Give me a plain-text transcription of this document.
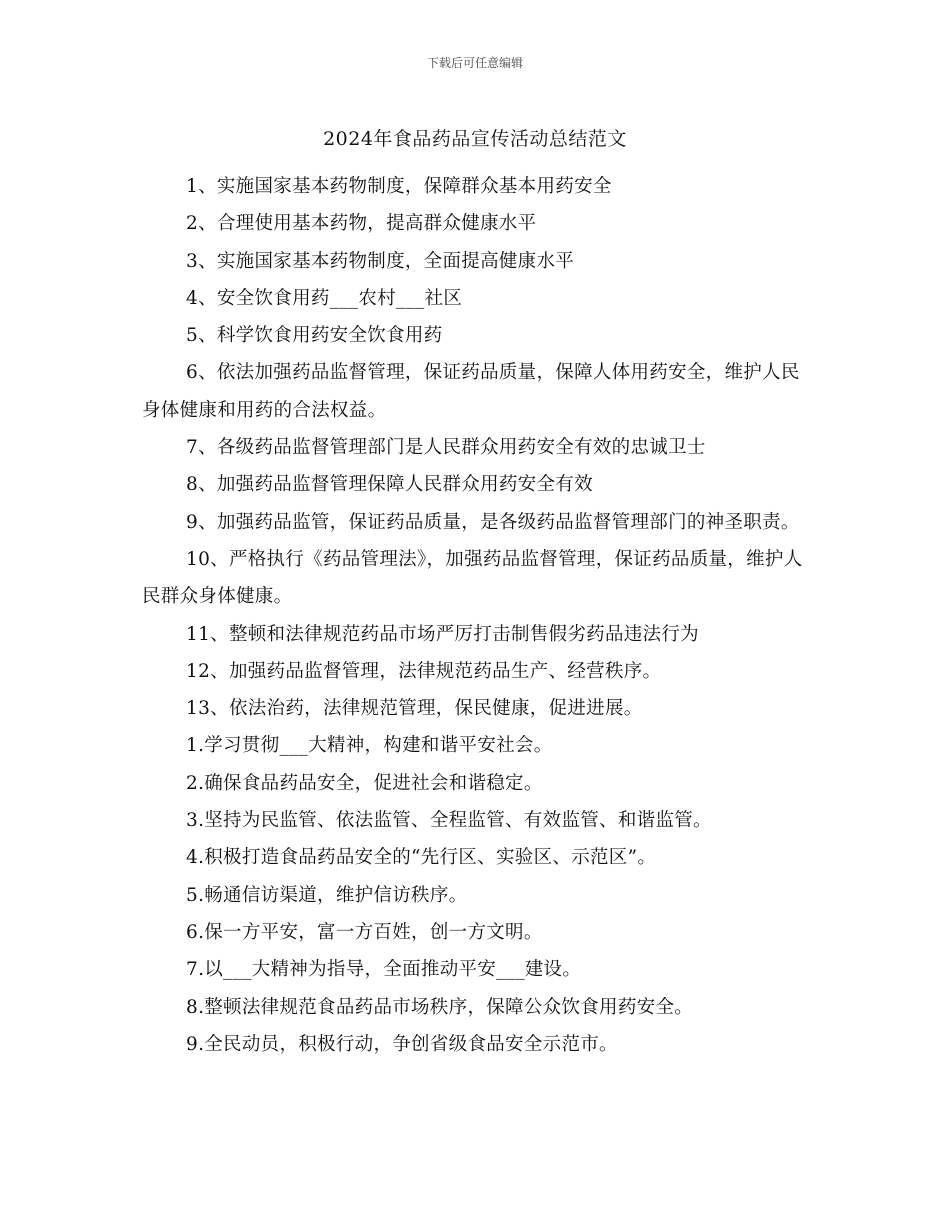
下载后可任意编辑
2024年食品药品宣传活动总结范文

1、实施国家基本药物制度，保障群众基本用药安全

2、合理使用基本药物，提高群众健康水平

3、实施国家基本药物制度，全面提高健康水平

4、安全饮食用药___农村___社区

5、科学饮食用药安全饮食用药

6、依法加强药品监督管理，保证药品质量，保障人体用药安全，维护人民身体健康和用药的合法权益。

7、各级药品监督管理部门是人民群众用药安全有效的忠诚卫士

8、加强药品监督管理保障人民群众用药安全有效

9、加强药品监管，保证药品质量，是各级药品监督管理部门的神圣职责。

10、严格执行《药品管理法》，加强药品监督管理，保证药品质量，维护人民群众身体健康。

11、整顿和法律规范药品市场严厉打击制售假劣药品违法行为

12、加强药品监督管理，法律规范药品生产、经营秩序。

13、依法治药，法律规范管理，保民健康，促进进展。

1.学习贯彻___大精神，构建和谐平安社会。

2.确保食品药品安全，促进社会和谐稳定。

3.坚持为民监管、依法监管、全程监管、有效监管、和谐监管。

4.积极打造食品药品安全的“先行区、实验区、示范区”。

5.畅通信访渠道，维护信访秩序。

6.保一方平安，富一方百姓，创一方文明。

7.以___大精神为指导，全面推动平安___建设。

8.整顿法律规范食品药品市场秩序，保障公众饮食用药安全。

9.全民动员，积极行动，争创省级食品安全示范市。
